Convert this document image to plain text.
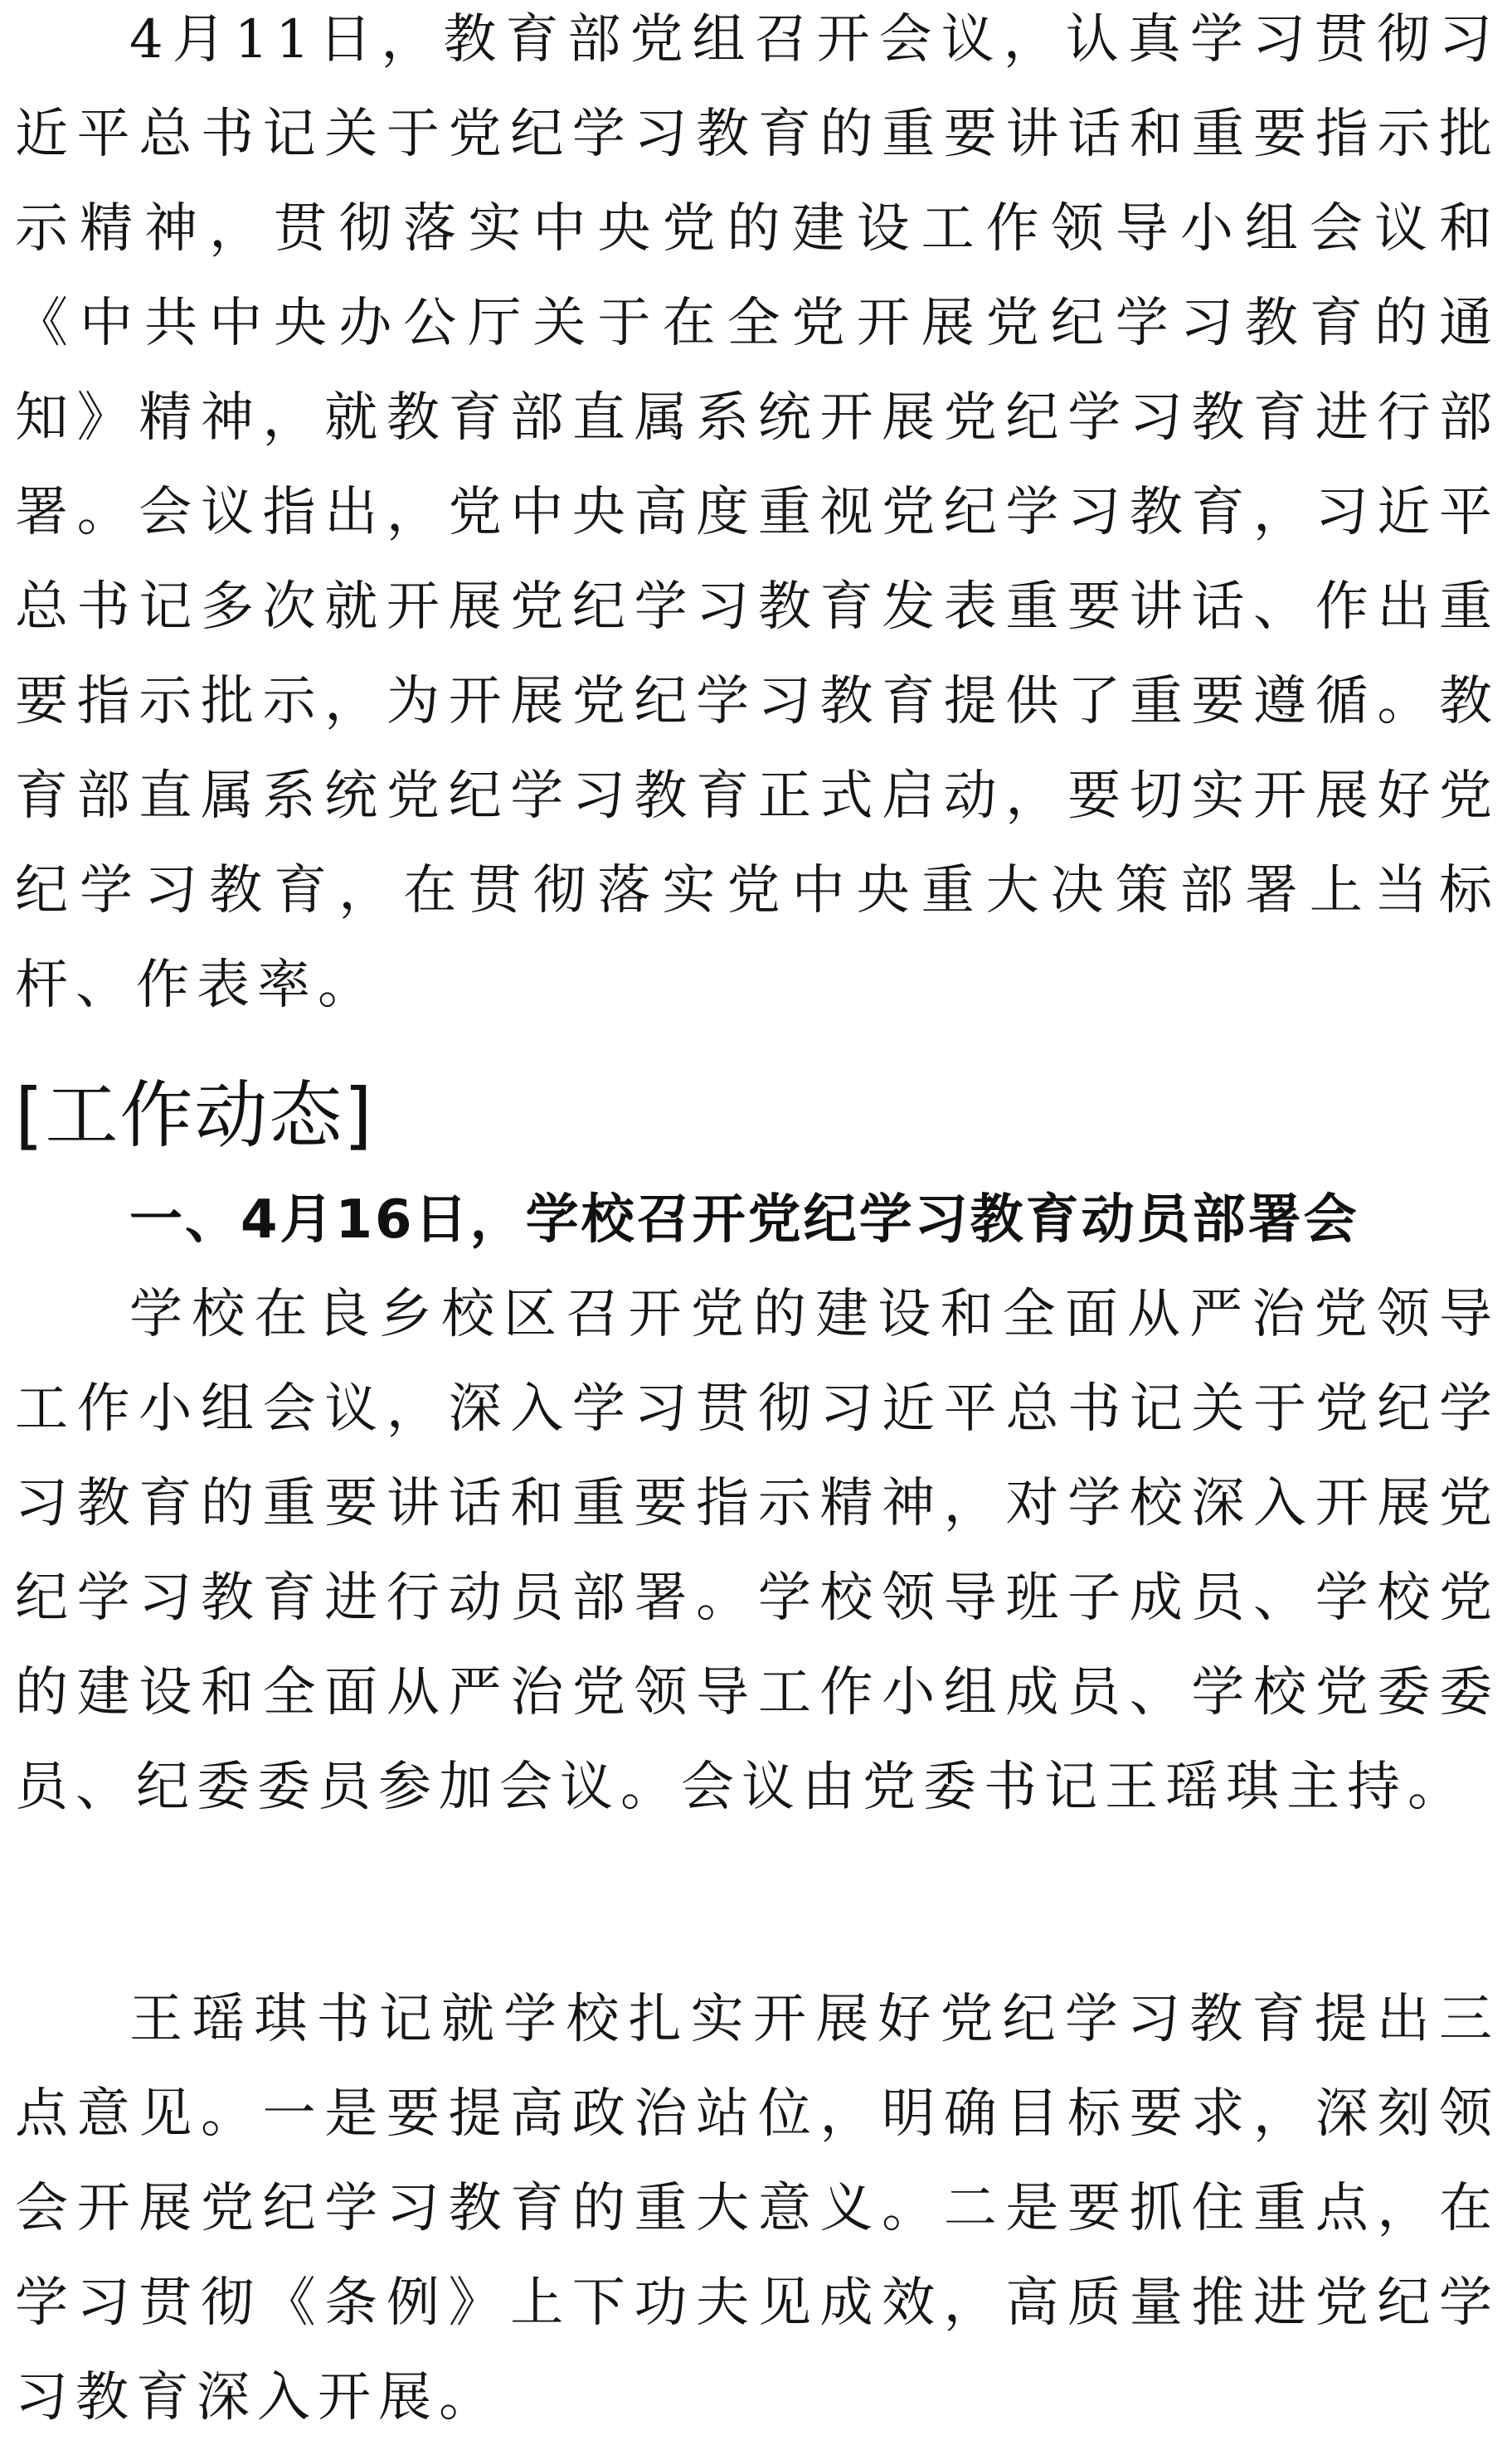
4月11日，教育部党组召开会议，认真学习贯彻习近平总书记关于党纪学习教育的重要讲话和重要指示批示精神，贯彻落实中央党的建设工作领导小组会议和《中共中央办公厅关于在全党开展党纪学习教育的通知》精神，就教育部直属系统开展党纪学习教育进行部署。会议指出，党中央高度重视党纪学习教育，习近平总书记多次就开展党纪学习教育发表重要讲话、作出重要指示批示，为开展党纪学习教育提供了重要遵循。教育部直属系统党纪学习教育正式启动，要切实开展好党纪学习教育，在贯彻落实党中央重大决策部署上当标杆、作表率。

[工作动态]
一、4月16日，学校召开党纪学习教育动员部署会

学校在良乡校区召开党的建设和全面从严治党领导工作小组会议，深入学习贯彻习近平总书记关于党纪学习教育的重要讲话和重要指示精神，对学校深入开展党纪学习教育进行动员部署。学校领导班子成员、学校党的建设和全面从严治党领导工作小组成员、学校党委委员、纪委委员参加会议。会议由党委书记王瑶琪主持。

王瑶琪书记就学校扎实开展好党纪学习教育提出三点意见。一是要提高政治站位，明确目标要求，深刻领会开展党纪学习教育的重大意义。二是要抓住重点，在学习贯彻《条例》上下功夫见成效，高质量推进党纪学习教育深入开展。
